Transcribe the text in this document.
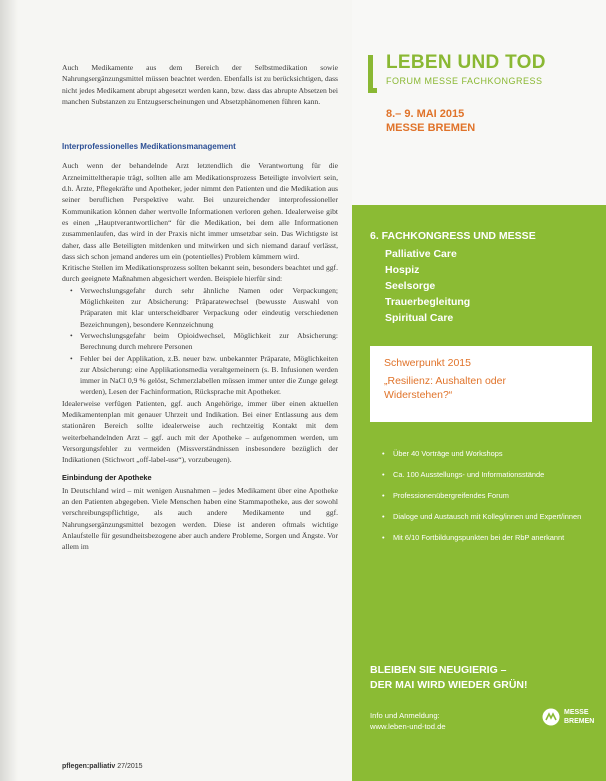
Auch Medikamente aus dem Bereich der Selbstmedikation sowie Nahrungsergänzungsmittel müssen beachtet werden. Ebenfalls ist zu berücksichtigen, dass nicht jedes Medikament abrupt abgesetzt werden kann, bzw. dass das abrupte Absetzen bei manchen Substanzen zu Entzugserscheinungen und Absetzphänomenen führen kann.

Interprofessionelles Medikationsmanagement

Auch wenn der behandelnde Arzt letztendlich die Verantwortung für die Arzneimitteltherapie trägt, sollten alle am Medikationsprozess Beteiligte involviert sein, d.h. Ärzte, Pflegekräfte und Apotheker, jeder nimmt den Patienten und die Medikation aus seiner beruflichen Perspektive wahr. Bei unzureichender interprofessioneller Kommunikation können daher wertvolle Informationen verloren gehen. Idealerweise gibt es einen „Hauptverantwortlichen“ für die Medikation, bei dem alle Informationen zusammenlaufen, das wird in der Praxis nicht immer umsetzbar sein. Das Wichtigste ist daher, dass alle Beteiligten mitdenken und mitwirken und sich niemand darauf verlässt, dass sich schon jemand anderes um ein (potentielles) Problem kümmern wird.

Kritische Stellen im Medikationsprozess sollten bekannt sein, besonders beachtet und ggf. durch geeignete Maßnahmen abgesichert werden. Beispiele hierfür sind:

• Verwechslungsgefahr durch sehr ähnliche Namen oder Verpackungen; Möglichkeiten zur Absicherung: Präparatewechsel (bewusste Auswahl von Präparaten mit klar unterscheidbarer Verpackung oder eindeutig verschiedenen Bezeichnungen), besondere Kennzeichnung
• Verwechslungsgefahr beim Opioidwechsel, Möglichkeit zur Absicherung: Berechnung durch mehrere Personen
• Fehler bei der Applikation, z.B. neuer bzw. unbekannter Präparate, Möglichkeiten zur Absicherung: eine Applikationsmedia veraltgemeinern (s. B. Infusionen werden immer in NaCl 0,9 % gelöst, Schmerzlabellen müssen immer unter die Zunge gelegt werden), Lesen der Fachinformation, Rücksprache mit Apotheker.

Idealerweise verfügen Patienten, ggf. auch Angehörige, immer über einen aktuellen Medikamentenplan mit genauer Uhrzeit und Indikation. Bei einer Entlassung aus dem stationären Bereich sollte idealerweise auch rechtzeitig Kontakt mit dem weiterbehandelnden Arzt – ggf. auch mit der Apotheke – aufgenommen werden, um Versorgungsfehler zu vermeiden (Missverständnissen insbesondere bezüglich der Indikationen (Stichwort „off-label-use“), vorzubeugen).

Einbindung der Apotheke

In Deutschland wird – mit wenigen Ausnahmen – jedes Medikament über eine Apotheke an den Patienten abgegeben. Viele Menschen haben eine Stammapotheke, aus der sowohl verschreibungspflichtige, als auch andere Medikamente und ggf. Nahrungsergänzungsmittel bezogen werden. Diese ist anderen oftmals wichtige Anlaufstelle für gesundheitsbezogene aber auch andere Probleme, Sorgen und Ängste. Vor allem im

pflegen:palliativ 27/2015
LEBEN UND TOD
FORUM MESSE FACHKONGRESS
8.– 9. MAI 2015
MESSE BREMEN
6. FACHKONGRESS UND MESSE
Palliative Care
Hospiz
Seelsorge
Trauerbegleitung
Spiritual Care
Schwerpunkt 2015
„Resilienz: Aushalten oder
Widerstehen?“
• Über 40 Vorträge und Workshops
• Ca. 100 Ausstellungs- und Informationsstände
• Professionenübergreifendes Forum
• Dialoge und Austausch mit Kolleg/innen und Expert/innen
• Mit 6/10 Fortbildungspunkten bei der RbP anerkannt
BLEIBEN SIE NEUGIERIG –
DER MAI WIRD WIEDER GRÜN!
Info und Anmeldung:
www.leben-und-tod.de
MESSE
BREMEN
